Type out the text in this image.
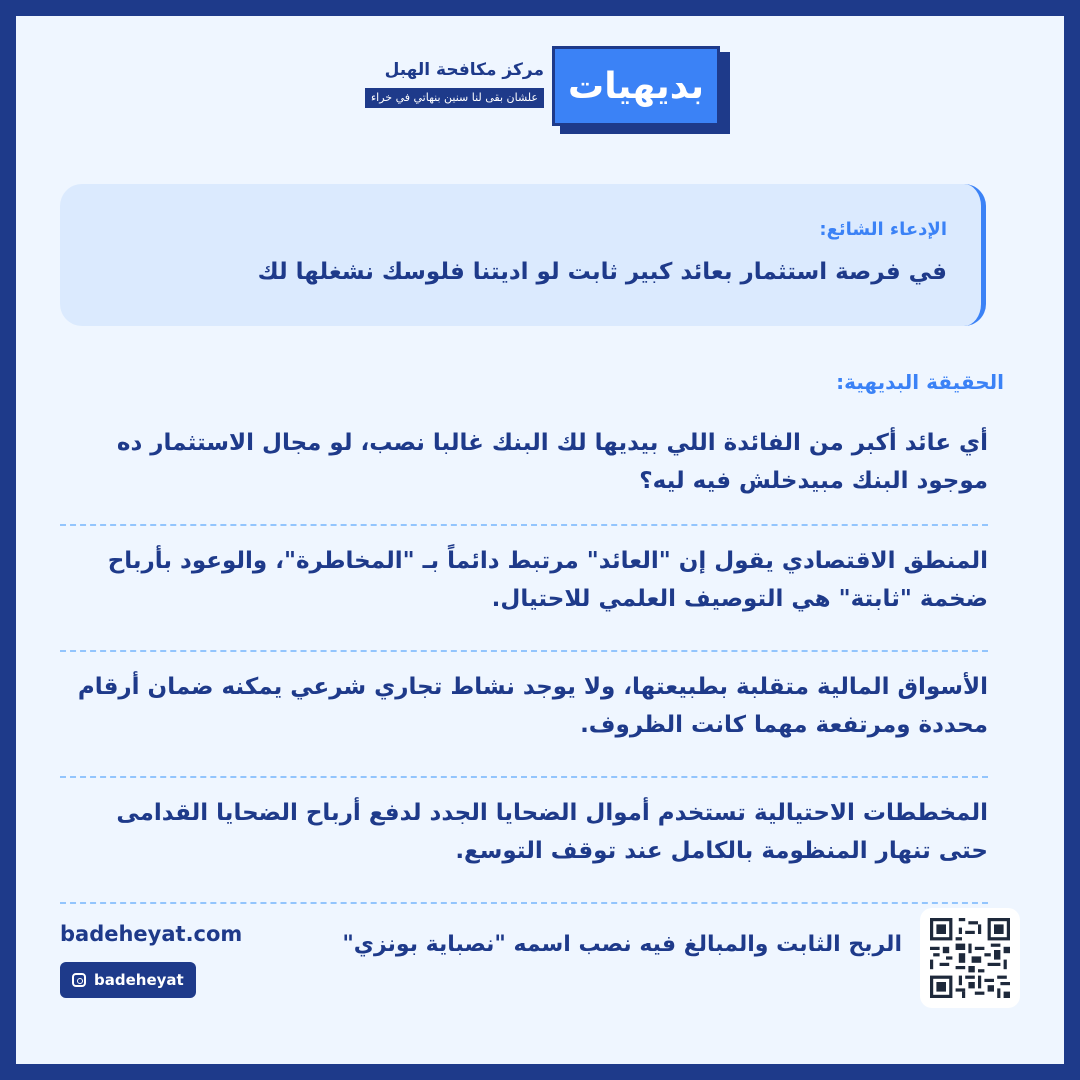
بديهيات
مركز مكافحة الهبل
علشان بقى لنا سنين بنهاتي في خراء
الإدعاء الشائع:
في فرصة استثمار بعائد كبير ثابت لو اديتنا فلوسك نشغلها لك
الحقيقة البديهية:
أي عائد أكبر من الفائدة اللي بيديها لك البنك غالبا نصب، لو مجال الاستثمار ده موجود البنك مبيدخلش فيه ليه؟
المنطق الاقتصادي يقول إن "العائد" مرتبط دائماً بـ "المخاطرة"، والوعود بأرباح ضخمة "ثابتة" هي التوصيف العلمي للاحتيال.
الأسواق المالية متقلبة بطبيعتها، ولا يوجد نشاط تجاري شرعي يمكنه ضمان أرقام محددة ومرتفعة مهما كانت الظروف.
المخططات الاحتيالية تستخدم أموال الضحايا الجدد لدفع أرباح الضحايا القدامى حتى تنهار المنظومة بالكامل عند توقف التوسع.
الربح الثابت والمبالغ فيه نصب اسمه "نصباية بونزي"
badeheyat.com
badeheyat
